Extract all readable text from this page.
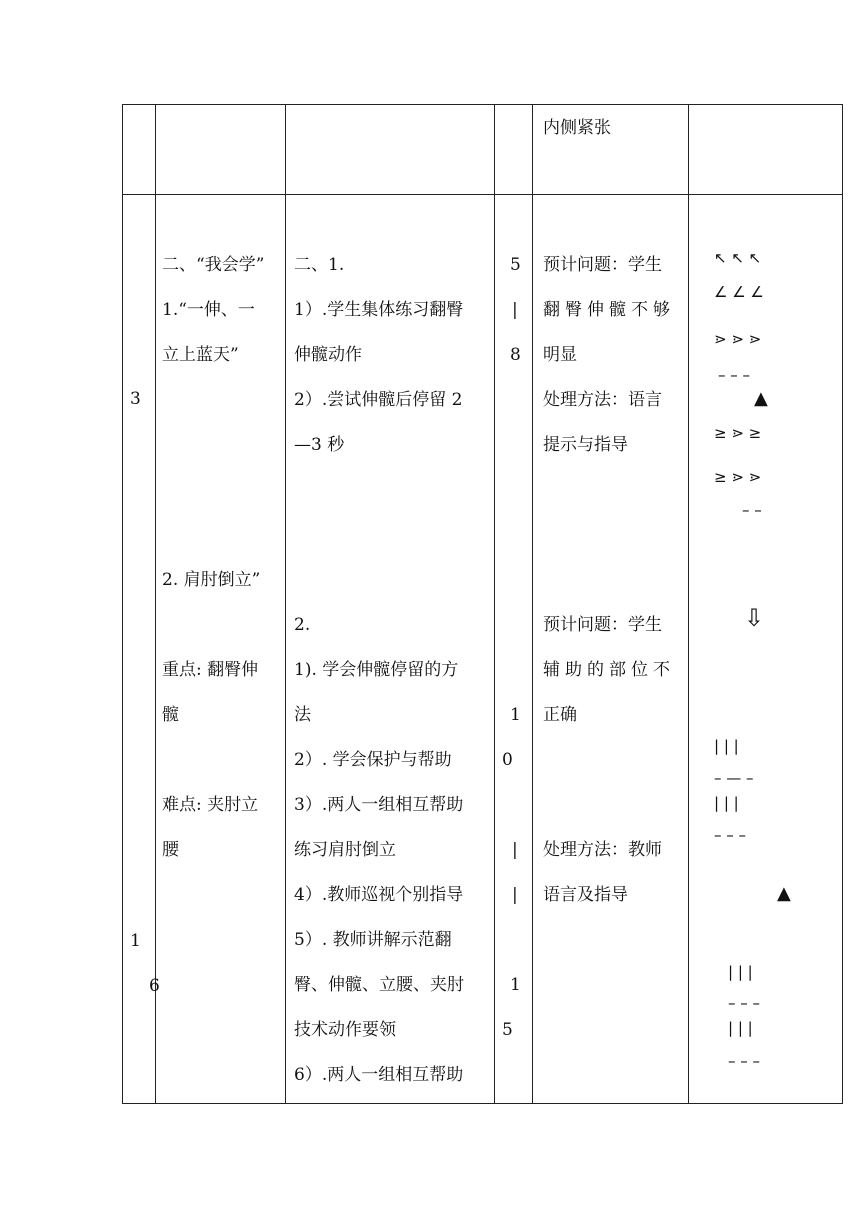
内侧紧张
3
二、“我会学”
1.“一伸、一
立上蓝天”
二、1.
1）.学生集体练习翻臀
伸髋动作
2）.尝试伸髋后停留 2
—3 秒
5
|
8
预计问题：学生
翻臀伸髋不够
明显
处理方法：语言
提示与指导
↖ ↖ ↖
∠ ∠ ∠
⋗ ⋗ ⋗
– – –
▲
≥ ⋗ ≥
≥ ⋗ ⋗
– –
1
6
2. 肩肘倒立”
重点: 翻臀伸
髋
难点: 夹肘立
腰
2.
1). 学会伸髋停留的方
法
2）. 学会保护与帮助
3）.两人一组相互帮助
练习肩肘倒立
4）.教师巡视个别指导
5）. 教师讲解示范翻
臀、伸髋、立腰、夹肘
技术动作要领
6）.两人一组相互帮助
1
0
|
|
1
5
预计问题：学生
辅助的部位不
正确
处理方法：教师
语言及指导
⇩
| | |
– — –
| | |
– – –
▲
| | |
– – –
| | |
– – –
